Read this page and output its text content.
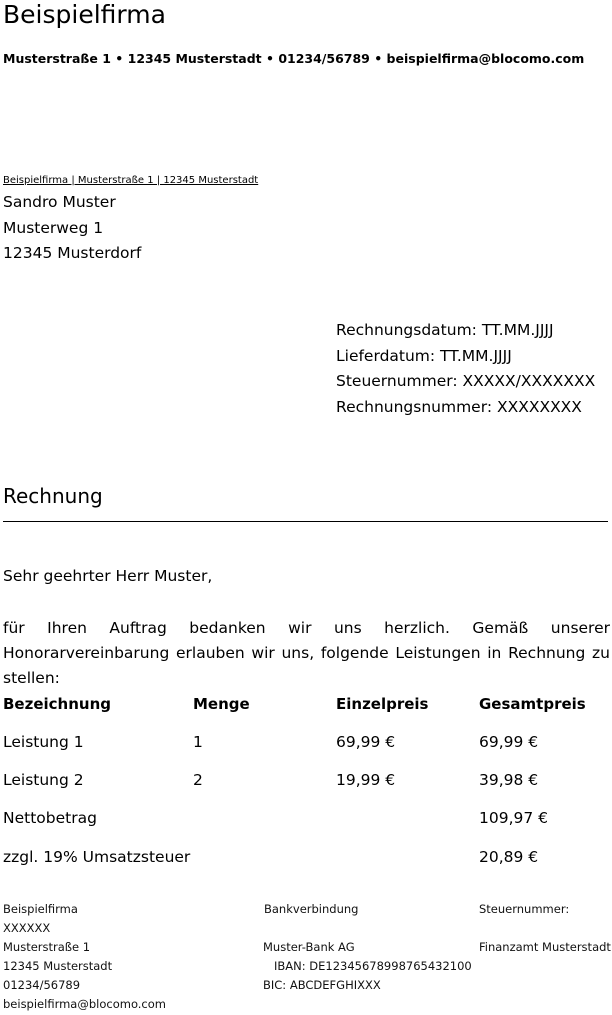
Beispielfirma
Musterstraße 1 • 12345 Musterstadt • 01234/56789 • beispielfirma@blocomo.com
Beispielfirma | Musterstraße 1 | 12345 Musterstadt
Sandro Muster
Musterweg 1
12345 Musterdorf
Rechnungsdatum: TT.MM.JJJJ
Lieferdatum: TT.MM.JJJJ
Steuernummer: XXXXX/XXXXXXX
Rechnungsnummer: XXXXXXXX
Rechnung
Sehr geehrter Herr Muster,
für Ihren Auftrag bedanken wir uns herzlich. Gemäß unserer Honorarvereinbarung erlauben wir uns, folgende Leistungen in Rechnung zu stellen:
Bezeichnung	Menge	Einzelpreis	Gesamtpreis
Leistung 1	1	69,99 €	69,99 €
Leistung 2	2	19,99 €	39,98 €
Nettobetrag	109,97 €
zzgl. 19% Umsatzsteuer	20,89 €
Beispielfirma
XXXXXX
Musterstraße 1
12345 Musterstadt
01234/56789
beispielfirma@blocomo.com
Bankverbindung
Muster-Bank AG
IBAN: DE12345678998765432100
BIC: ABCDEFGHIXXX
Steuernummer:
Finanzamt Musterstadt
